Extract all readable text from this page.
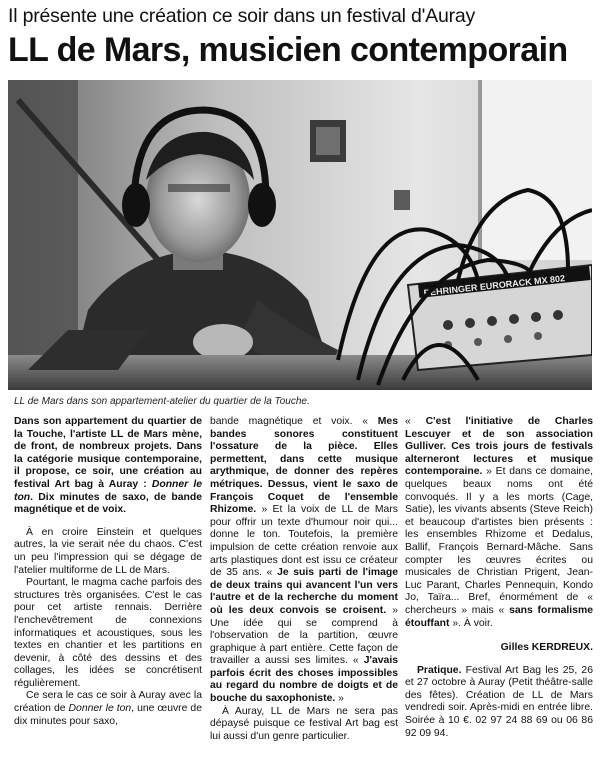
Il présente une création ce soir dans un festival d'Auray
LL de Mars, musicien contemporain
BEHRINGER EURORACK MX 802
LL de Mars dans son appartement-atelier du quartier de la Touche.

Dans son appartement du quartier de la Touche, l'artiste LL de Mars mène, de front, de nombreux projets. Dans la catégorie musique contemporaine, il propose, ce soir, une création au festival Art bag à Auray : Donner le ton. Dix minutes de saxo, de bande magnétique et de voix.

À en croire Einstein et quelques autres, la vie serait née du chaos. C'est un peu l'impression qui se dégage de l'atelier multiforme de LL de Mars.

Pourtant, le magma cache parfois des structures très organisées. C'est le cas pour cet artiste rennais. Derrière l'enchevêtrement de connexions informatiques et acoustiques, sous les textes en chantier et les partitions en devenir, à côté des dessins et des collages, les idées se concrétisent régulièrement.

Ce sera le cas ce soir à Auray avec la création de Donner le ton, une œuvre de dix minutes pour saxo,

bande magnétique et voix. « Mes bandes sonores constituent l'ossature de la pièce. Elles permettent, dans cette musique arythmique, de donner des repères métriques. Dessus, vient le saxo de François Coquet de l'ensemble Rhizome. » Et la voix de LL de Mars pour offrir un texte d'humour noir qui... donne le ton. Toutefois, la première impulsion de cette création renvoie aux arts plastiques dont est issu ce créateur de 35 ans. « Je suis parti de l'image de deux trains qui avancent l'un vers l'autre et de la recherche du moment où les deux convois se croisent. » Une idée qui se comprend à l'observation de la partition, œuvre graphique à part entière. Cette façon de travailler a aussi ses limites. « J'avais parfois écrit des choses impossibles au regard du nombre de doigts et de bouche du saxophoniste. »

À Auray, LL de Mars ne sera pas dépaysé puisque ce festival Art bag est lui aussi d'un genre particulier.

« C'est l'initiative de Charles Lescuyer et de son association Gulliver. Ces trois jours de festivals alterneront lectures et musique contemporaine. » Et dans ce domaine, quelques beaux noms ont été convoqués. Il y a les morts (Cage, Satie), les vivants absents (Steve Reich) et beaucoup d'artistes bien présents : les ensembles Rhizome et Dedalus, Ballif, François Bernard-Mâche. Sans compter les œuvres écrites ou musicales de Christian Prigent, Jean-Luc Parant, Charles Pennequin, Kondo Jo, Taïra... Bref, énormément de « chercheurs » mais « sans formalisme étouffant ». À voir.

Gilles KERDREUX.

Pratique. Festival Art Bag les 25, 26 et 27 octobre à Auray (Petit théâtre-salle des fêtes). Création de LL de Mars vendredi soir. Après-midi en entrée libre. Soirée à 10 €. 02 97 24 88 69 ou 06 86 92 09 94.
